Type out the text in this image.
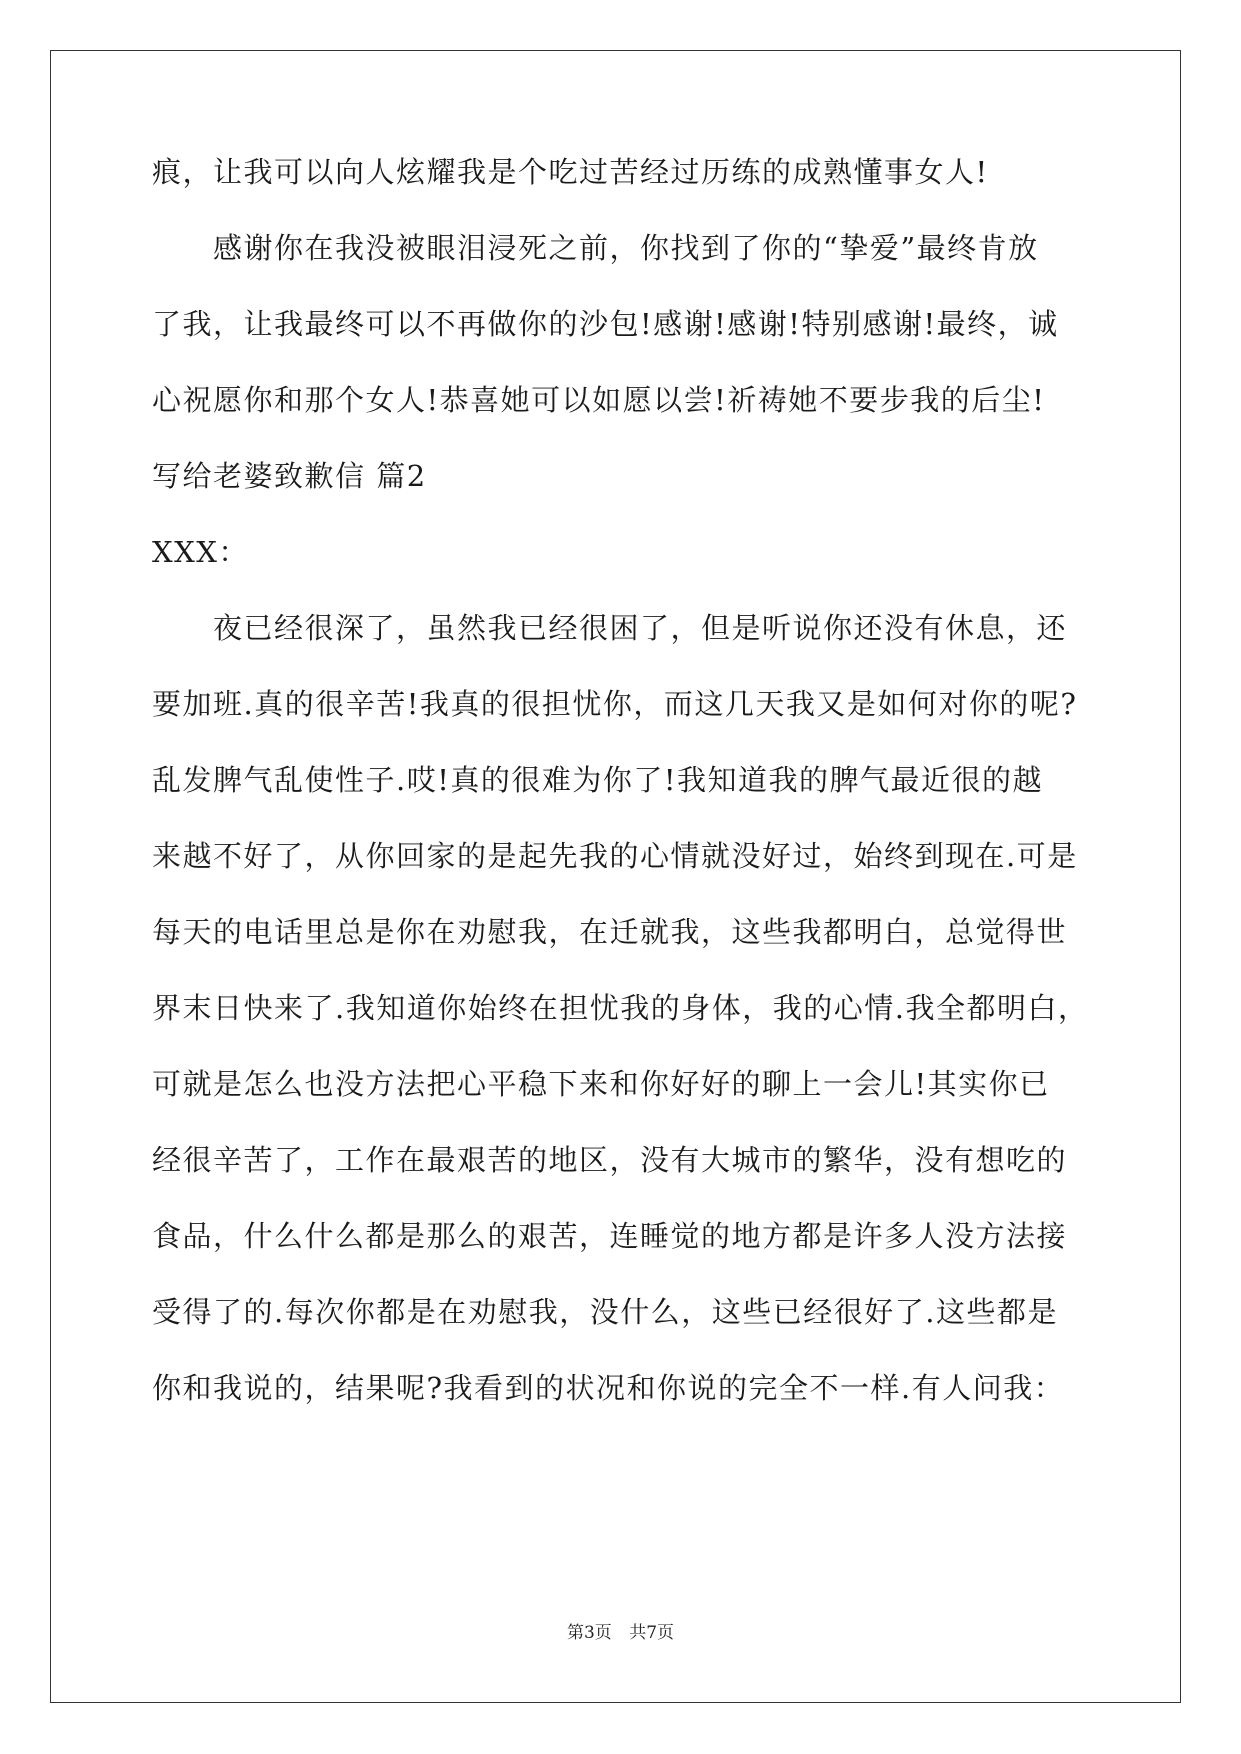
痕，让我可以向人炫耀我是个吃过苦经过历练的成熟懂事女人!
感谢你在我没被眼泪浸死之前，你找到了你的“挚爱”最终肯放
了我，让我最终可以不再做你的沙包!感谢!感谢!特别感谢!最终，诚
心祝愿你和那个女人!恭喜她可以如愿以尝!祈祷她不要步我的后尘!
写给老婆致歉信 篇2
XXX：
夜已经很深了，虽然我已经很困了，但是听说你还没有休息，还
要加班.真的很辛苦!我真的很担忧你，而这几天我又是如何对你的呢?
乱发脾气乱使性子.哎!真的很难为你了!我知道我的脾气最近很的越
来越不好了，从你回家的是起先我的心情就没好过，始终到现在.可是
每天的电话里总是你在劝慰我，在迁就我，这些我都明白，总觉得世
界末日快来了.我知道你始终在担忧我的身体，我的心情.我全都明白，
可就是怎么也没方法把心平稳下来和你好好的聊上一会儿!其实你已
经很辛苦了，工作在最艰苦的地区，没有大城市的繁华，没有想吃的
食品，什么什么都是那么的艰苦，连睡觉的地方都是许多人没方法接
受得了的.每次你都是在劝慰我，没什么，这些已经很好了.这些都是
你和我说的，结果呢?我看到的状况和你说的完全不一样.有人问我：
第3页 共7页
